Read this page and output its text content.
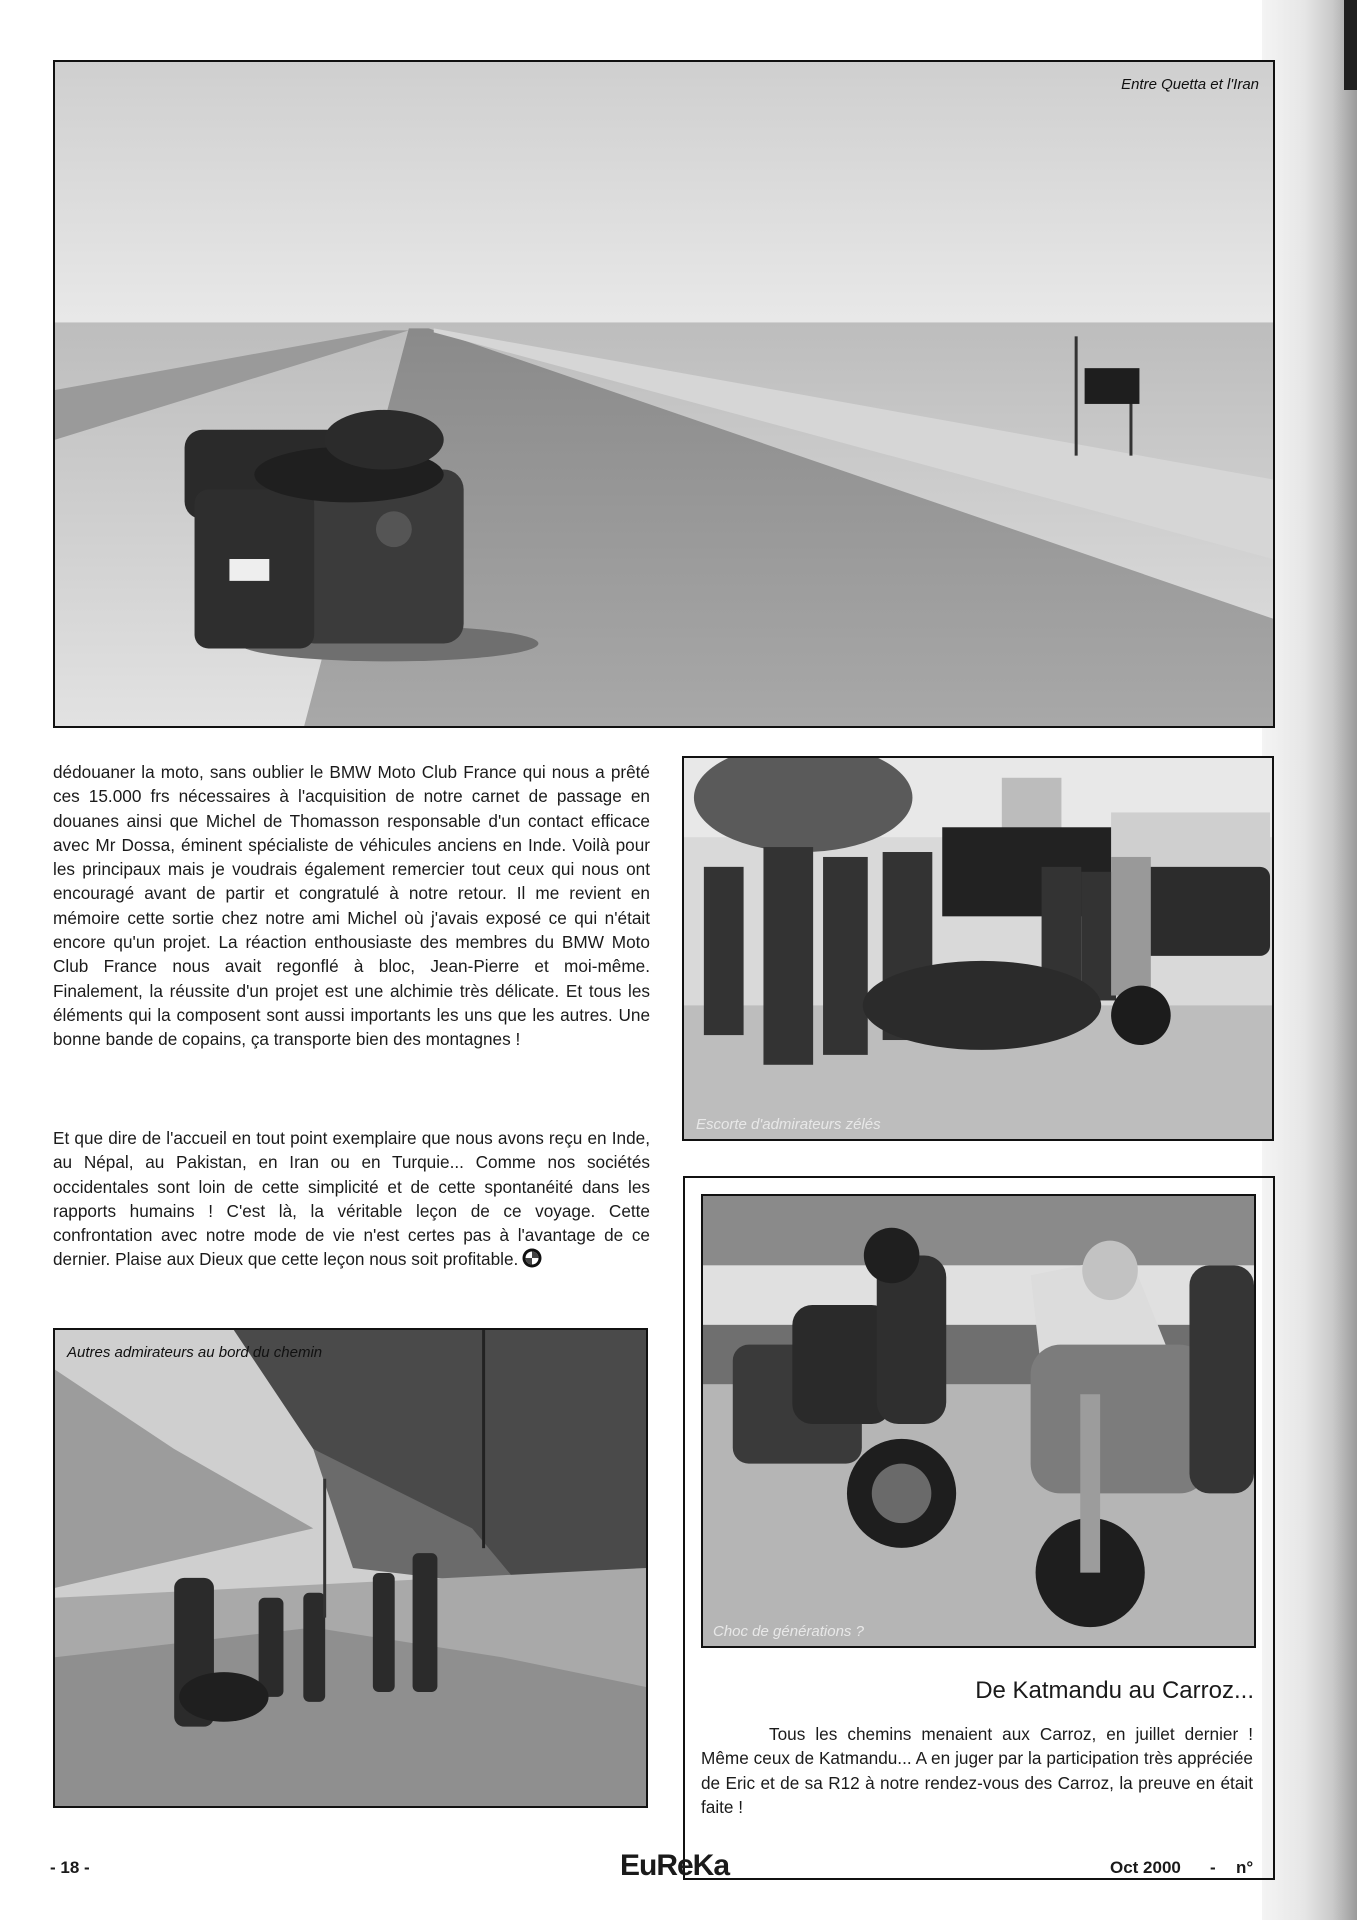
Entre Quetta et l'Iran

dédouaner la moto, sans oublier le BMW Moto Club France qui nous a prêté ces 15.000 frs nécessaires à l'acquisition de notre carnet de passage en douanes ainsi que Michel de Thomasson responsable d'un contact efficace avec Mr Dossa, éminent spécialiste de véhicules anciens en Inde. Voilà pour les principaux mais je voudrais également remercier tout ceux qui nous ont encouragé avant de partir et congratulé à notre retour. Il me revient en mémoire cette sortie chez notre ami Michel où j'avais exposé ce qui n'était encore qu'un projet. La réaction enthousiaste des membres du BMW Moto Club France nous avait regonflé à bloc, Jean-Pierre et moi-même. Finalement, la réussite d'un projet est une alchimie très délicate. Et tous les éléments qui la composent sont aussi importants les uns que les autres. Une bonne bande de copains, ça transporte bien des montagnes !

Et que dire de l'accueil en tout point exemplaire que nous avons reçu en Inde, au Népal, au Pakistan, en Iran ou en Turquie... Comme nos sociétés occidentales sont loin de cette simplicité et de cette spontanéité dans les rapports humains ! C'est là, la véritable leçon de ce voyage. Cette confrontation avec notre mode de vie n'est certes pas à l'avantage de ce dernier. Plaise aux Dieux que cette leçon nous soit profitable.

Escorte d'admirateurs zélés
Autres admirateurs au bord du chemin
Choc de générations ?
De Katmandu au Carroz...

Tous les chemins menaient aux Carroz, en juillet dernier ! Même ceux de Katmandu... A en juger par la participation très appréciée de Eric et de sa R12 à notre rendez-vous des Carroz, la preuve en était faite !

- 18 -	EuReKa	Oct 2000 - n°
